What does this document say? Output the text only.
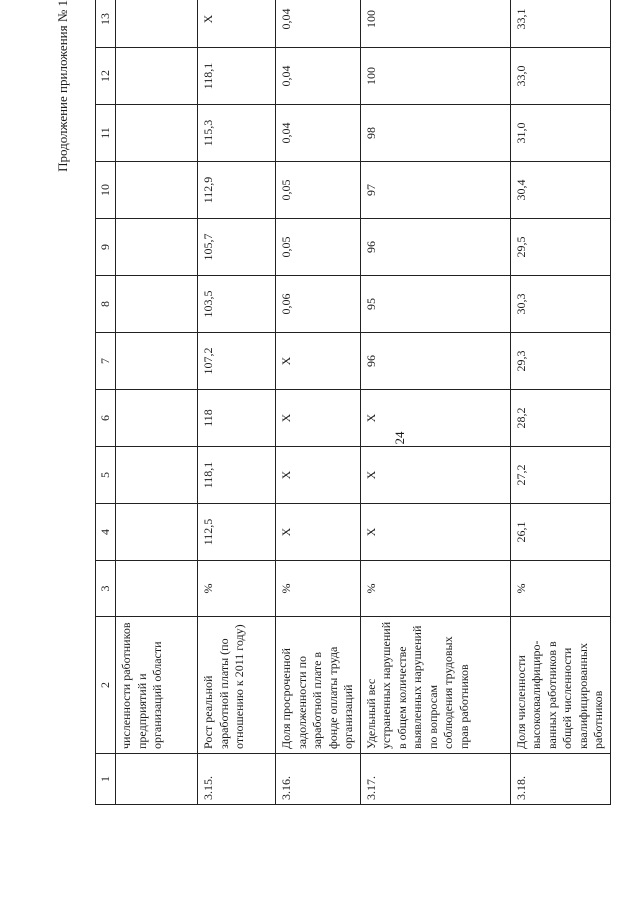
24
Продолжение приложения № 1
1	2	3	4	5	6	7	8	9	10	11	12	13
	численности работников предприятий и организаций области											
3.15.	Рост реальной заработной платы (по отношению к 2011 году)	%	112,5	118,1	118	107,2	103,5	105,7	112,9	115,3	118,1	Х
3.16.	Доля просроченной задолженности по заработной плате в фонде оплаты труда организаций	%	Х	Х	Х	Х	0,06	0,05	0,05	0,04	0,04	0,04
3.17.	Удельный вес устраненных нарушений в общем количестве выявленных нарушений по вопросам соблюдения трудовых прав работников	%	Х	Х	Х	96	95	96	97	98	100	100
3.18.	Доля численности высококвалифициро-ванных работников в общей численности квалифицированных работников	%	26,1	27,2	28,2	29,3	30,3	29,5	30,4	31,0	33,0	33,1
